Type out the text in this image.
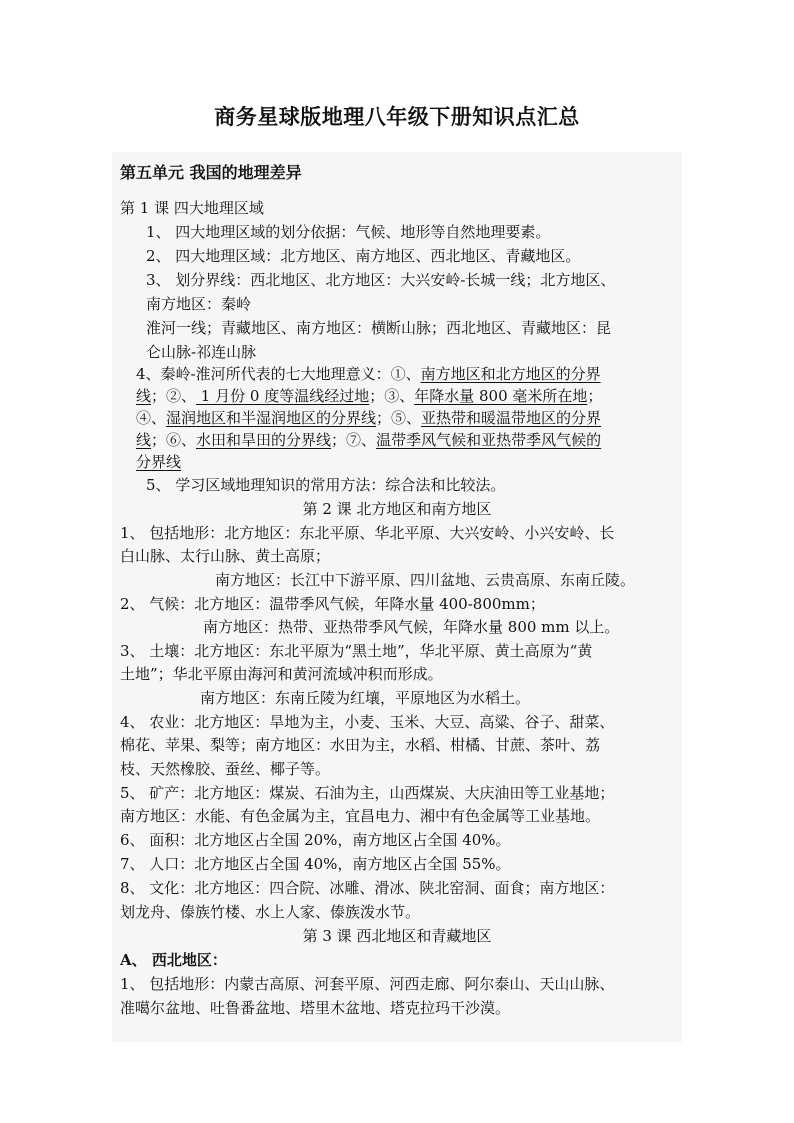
商务星球版地理八年级下册知识点汇总
第五单元 我国的地理差异
第 1 课 四大地理区域
1、 四大地理区域的划分依据：气候、地形等自然地理要素。
2、 四大地理区域：北方地区、南方地区、西北地区、青藏地区。
3、 划分界线：西北地区、北方地区：大兴安岭-长城一线；北方地区、
南方地区：秦岭
淮河一线；青藏地区、南方地区：横断山脉；西北地区、青藏地区：昆
仑山脉-祁连山脉
4、秦岭-淮河所代表的七大地理意义：①、南方地区和北方地区的分界
线；②、 1 月份 0 度等温线经过地；③、年降水量 800 毫米所在地；
④、湿润地区和半湿润地区的分界线；⑤、亚热带和暖温带地区的分界
线；⑥、水田和旱田的分界线；⑦、温带季风气候和亚热带季风气候的
分界线
5、 学习区域地理知识的常用方法：综合法和比较法。
第 2 课 北方地区和南方地区
1、 包括地形：北方地区：东北平原、华北平原、大兴安岭、小兴安岭、长
白山脉、太行山脉、黄土高原；
南方地区：长江中下游平原、四川盆地、云贵高原、东南丘陵。
2、 气候：北方地区：温带季风气候，年降水量 400-800mm；
南方地区：热带、亚热带季风气候，年降水量 800 mm 以上。
3、 土壤：北方地区：东北平原为“黑土地”，华北平原、黄土高原为“黄
土地”；华北平原由海河和黄河流域冲积而形成。
南方地区：东南丘陵为红壤，平原地区为水稻土。
4、 农业：北方地区：旱地为主，小麦、玉米、大豆、高粱、谷子、甜菜、
棉花、苹果、梨等；南方地区：水田为主，水稻、柑橘、甘蔗、茶叶、荔
枝、天然橡胶、蚕丝、椰子等。
5、 矿产：北方地区：煤炭、石油为主，山西煤炭、大庆油田等工业基地；
南方地区：水能、有色金属为主，宜昌电力、湘中有色金属等工业基地。
6、 面积：北方地区占全国 20%，南方地区占全国 40%。
7、 人口：北方地区占全国 40%，南方地区占全国 55%。
8、 文化：北方地区：四合院、冰雕、滑冰、陕北窑洞、面食；南方地区：
划龙舟、傣族竹楼、水上人家、傣族泼水节。
第 3 课 西北地区和青藏地区
A、 西北地区：
1、 包括地形：内蒙古高原、河套平原、河西走廊、阿尔泰山、天山山脉、
准噶尔盆地、吐鲁番盆地、塔里木盆地、塔克拉玛干沙漠。
